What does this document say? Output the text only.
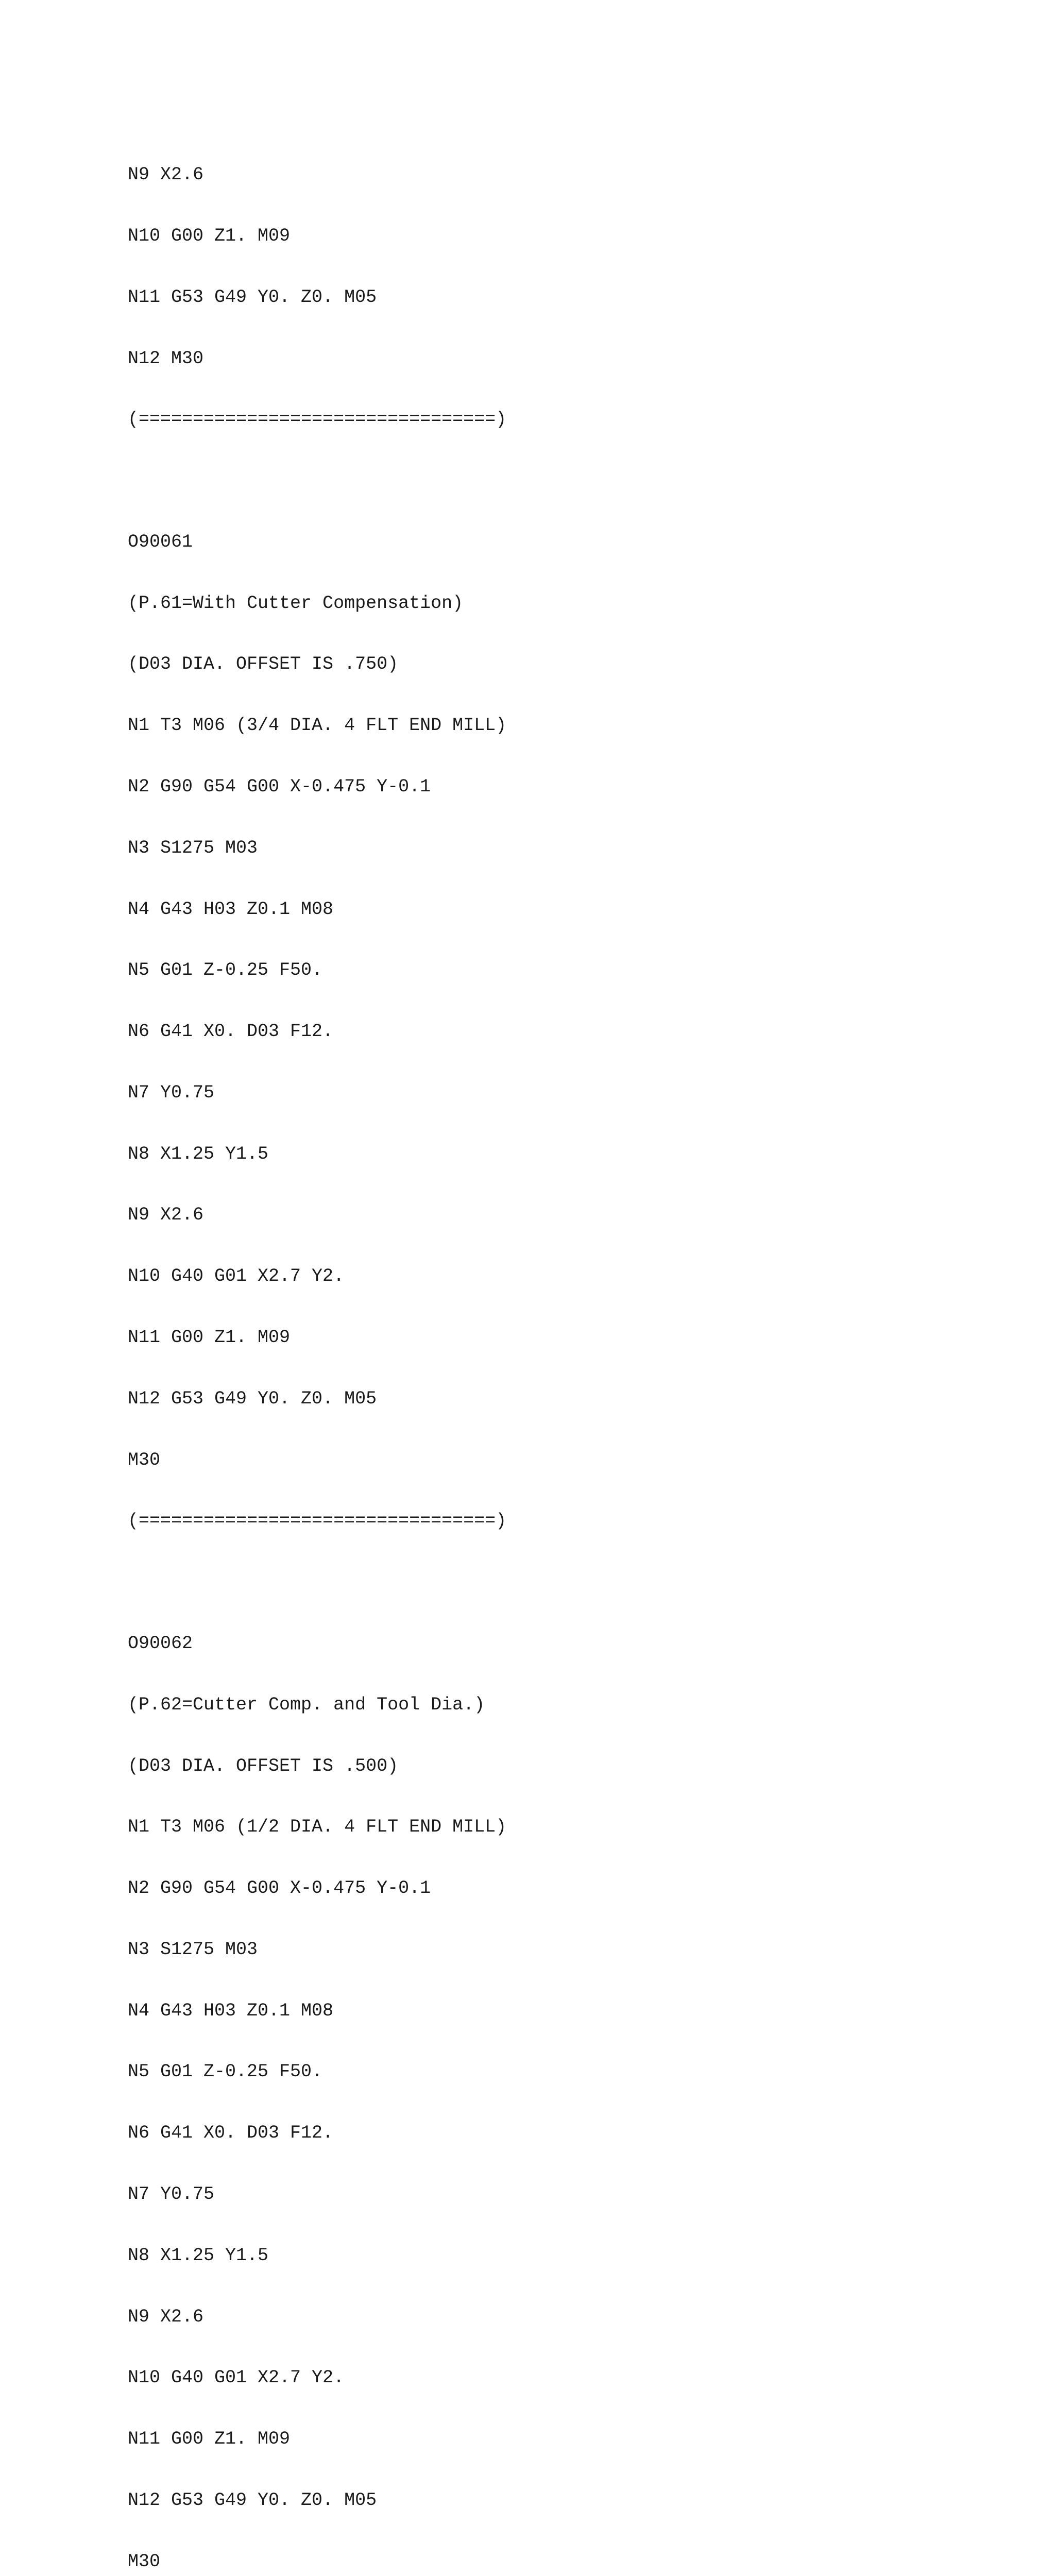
N9 X2.6

N10 G00 Z1. M09

N11 G53 G49 Y0. Z0. M05

N12 M30

(=================================)

O90061

(P.61=With Cutter Compensation)

(D03 DIA. OFFSET IS .750)

N1 T3 M06 (3/4 DIA. 4 FLT END MILL)

N2 G90 G54 G00 X-0.475 Y-0.1

N3 S1275 M03

N4 G43 H03 Z0.1 M08

N5 G01 Z-0.25 F50.

N6 G41 X0. D03 F12.

N7 Y0.75

N8 X1.25 Y1.5

N9 X2.6

N10 G40 G01 X2.7 Y2.

N11 G00 Z1. M09

N12 G53 G49 Y0. Z0. M05

M30

(=================================)

O90062

(P.62=Cutter Comp. and Tool Dia.)

(D03 DIA. OFFSET IS .500)

N1 T3 M06 (1/2 DIA. 4 FLT END MILL)

N2 G90 G54 G00 X-0.475 Y-0.1

N3 S1275 M03

N4 G43 H03 Z0.1 M08

N5 G01 Z-0.25 F50.

N6 G41 X0. D03 F12.

N7 Y0.75

N8 X1.25 Y1.5

N9 X2.6

N10 G40 G01 X2.7 Y2.

N11 G00 Z1. M09

N12 G53 G49 Y0. Z0. M05

M30
